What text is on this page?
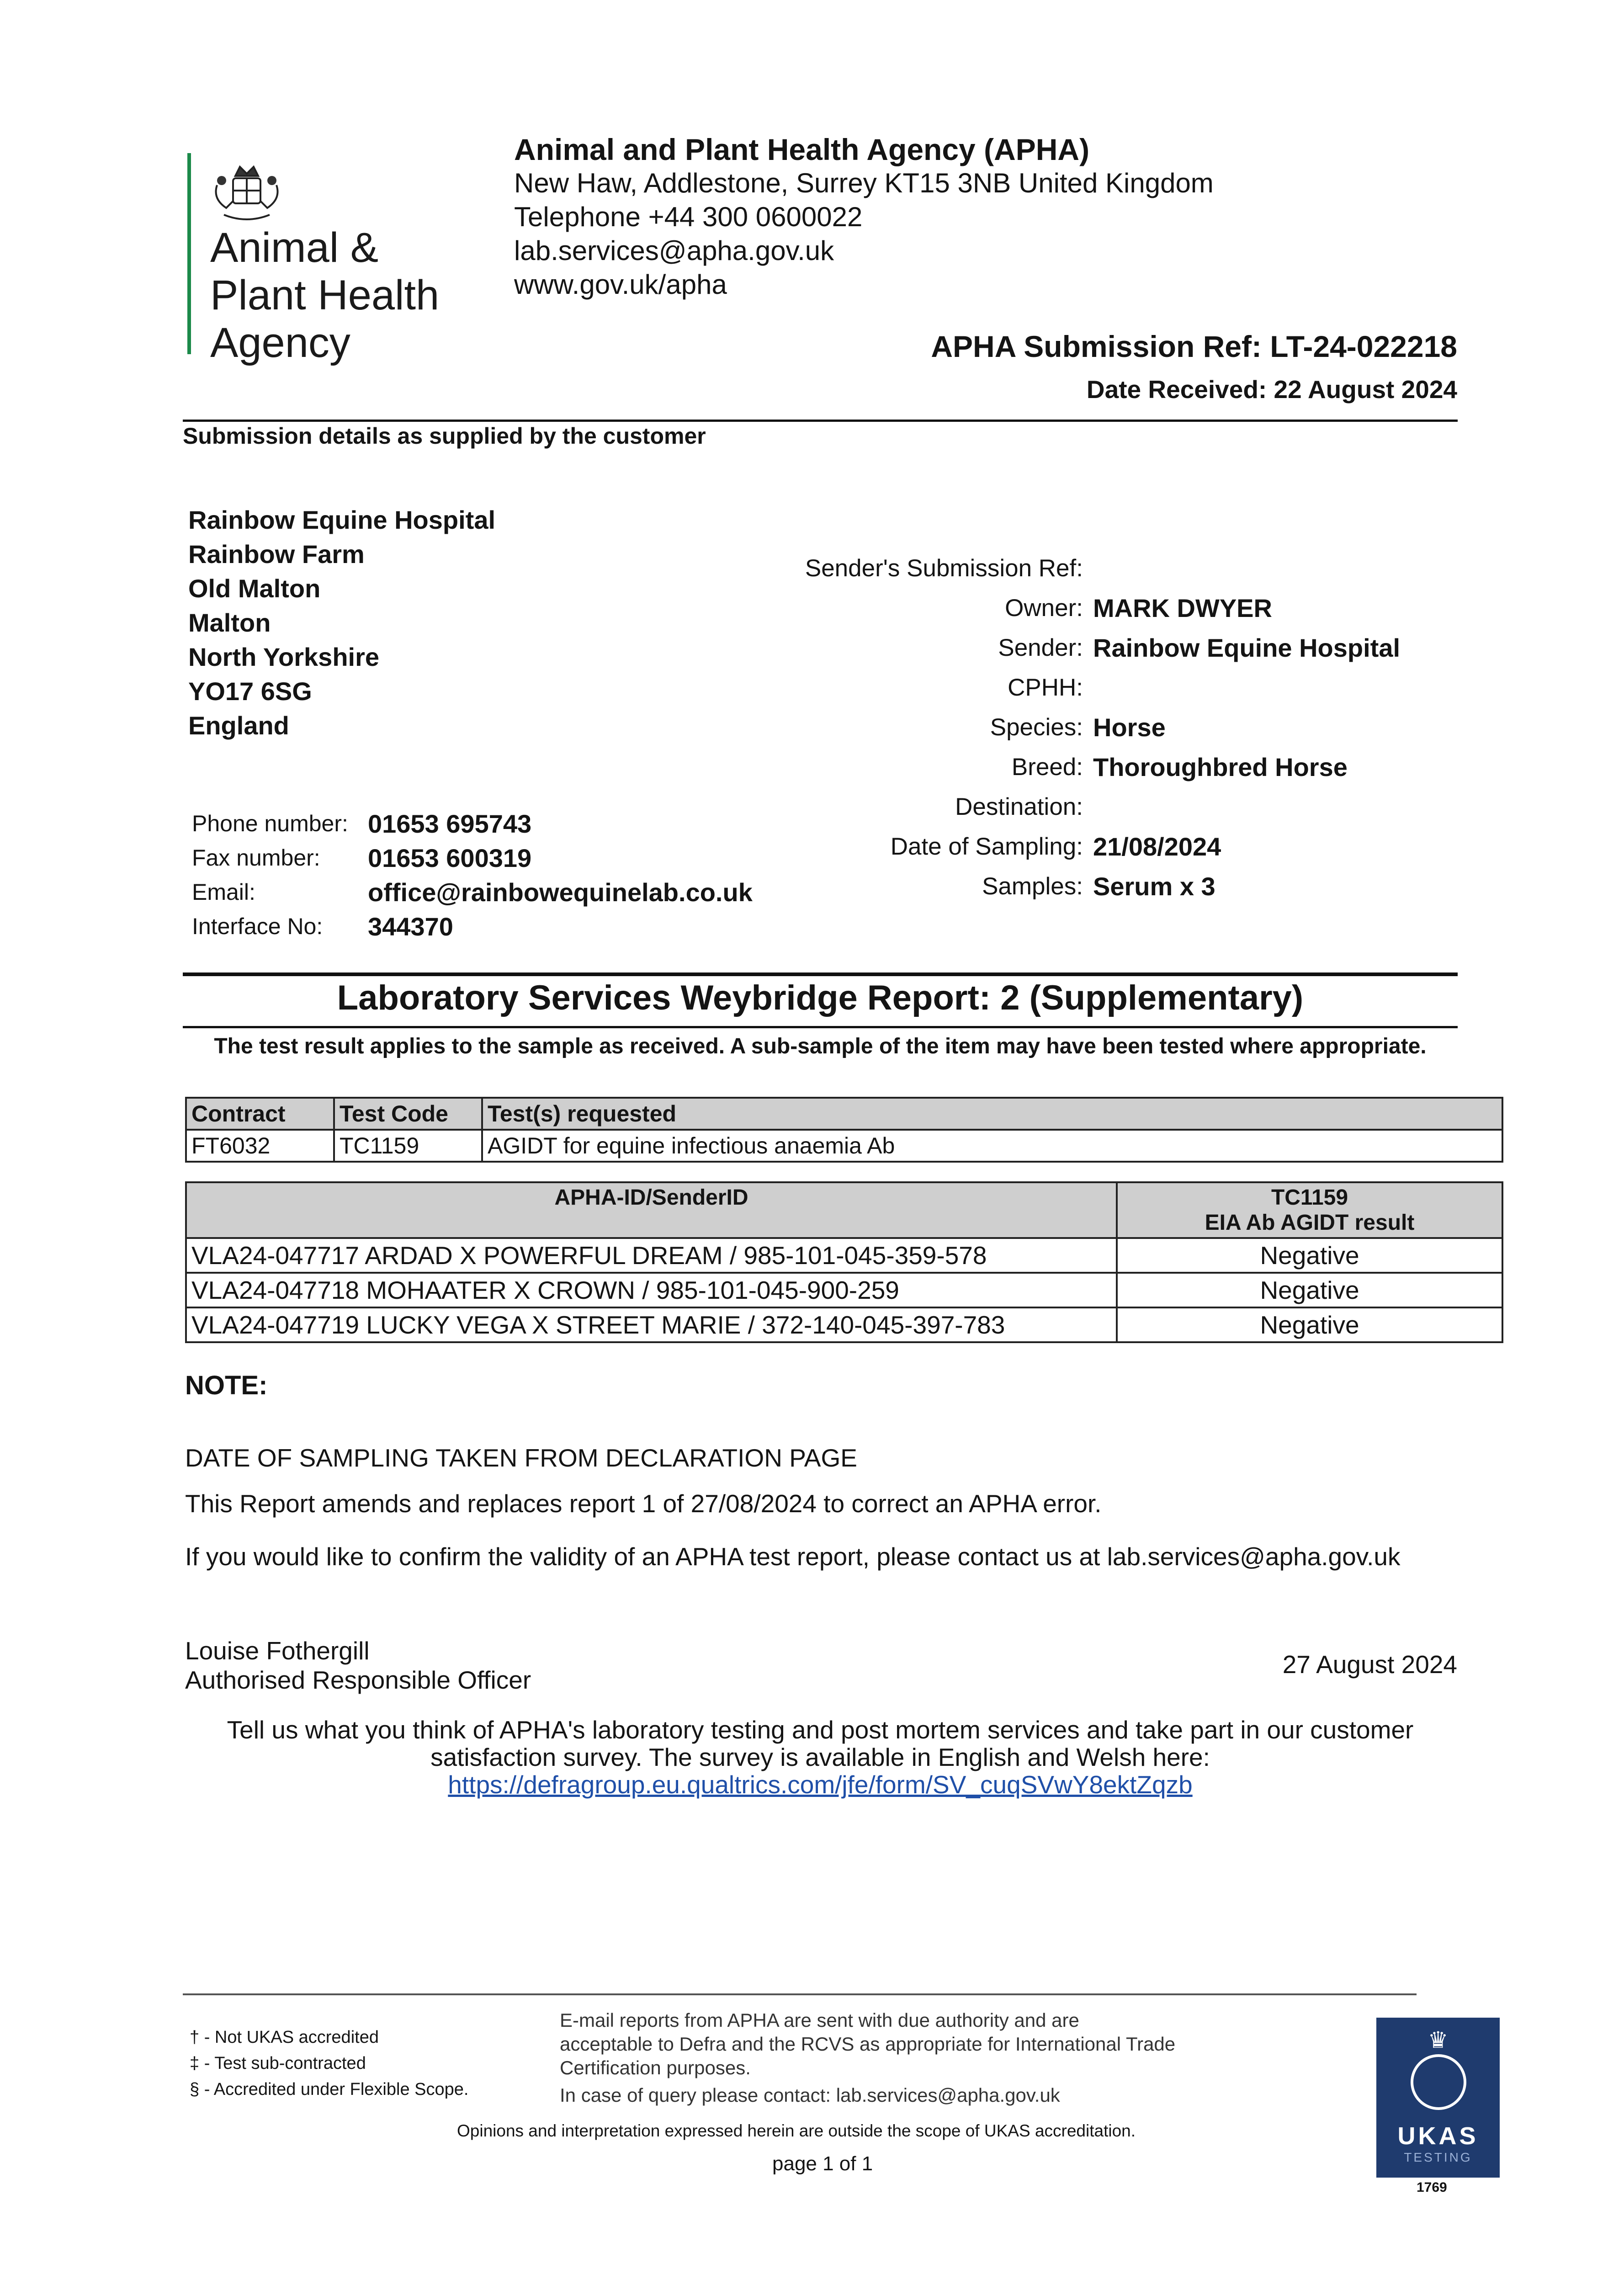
Animal &
Plant Health
Agency
Animal and Plant Health Agency (APHA)
New Haw, Addlestone, Surrey KT15 3NB United Kingdom
Telephone +44 300 0600022
lab.services@apha.gov.uk
www.gov.uk/apha
APHA Submission Ref: LT-24-022218
Date Received: 22 August 2024
Submission details as supplied by the customer
Rainbow Equine Hospital
Rainbow Farm
Old Malton
Malton
North Yorkshire
YO17 6SG
England
Phone number: 01653 695743
Fax number:	01653 600319
Email:	office@rainbowequinelab.co.uk
Interface No:	344370
Sender's Submission Ref:
Owner: MARK DWYER
Sender: Rainbow Equine Hospital
CPHH:
Species: Horse
Breed: Thoroughbred Horse
Destination:
Date of Sampling: 21/08/2024
Samples: Serum x 3
Laboratory Services Weybridge Report: 2 (Supplementary)
The test result applies to the sample as received. A sub-sample of the item may have been tested where appropriate.
Contract	Test Code	Test(s) requested
FT6032	TC1159	AGIDT for equine infectious anaemia Ab
APHA-ID/SenderID	TC1159
EIA Ab AGIDT result

VLA24-047717 ARDAD X POWERFUL DREAM / 985-101-045-359-578	Negative
VLA24-047718 MOHAATER X CROWN / 985-101-045-900-259	Negative
VLA24-047719 LUCKY VEGA X STREET MARIE / 372-140-045-397-783	Negative
NOTE:

DATE OF SAMPLING TAKEN FROM DECLARATION PAGE

This Report amends and replaces report 1 of 27/08/2024 to correct an APHA error.

If you would like to confirm the validity of an APHA test report, please contact us at lab.services@apha.gov.uk

Louise Fothergill
Authorised Responsible Officer
27 August 2024
Tell us what you think of APHA's laboratory testing and post mortem services and take part in our customer
satisfaction survey. The survey is available in English and Welsh here:
https://defragroup.eu.qualtrics.com/jfe/form/SV_cuqSVwY8ektZqzb
† - Not UKAS accredited
‡ - Test sub-contracted
§ - Accredited under Flexible Scope.
E-mail reports from APHA are sent with due authority and are
acceptable to Defra and the RCVS as appropriate for International Trade
Certification purposes.
In case of query please contact: lab.services@apha.gov.uk
Opinions and interpretation expressed herein are outside the scope of UKAS accreditation.
page 1 of 1
♛
UKAS
TESTING
1769
